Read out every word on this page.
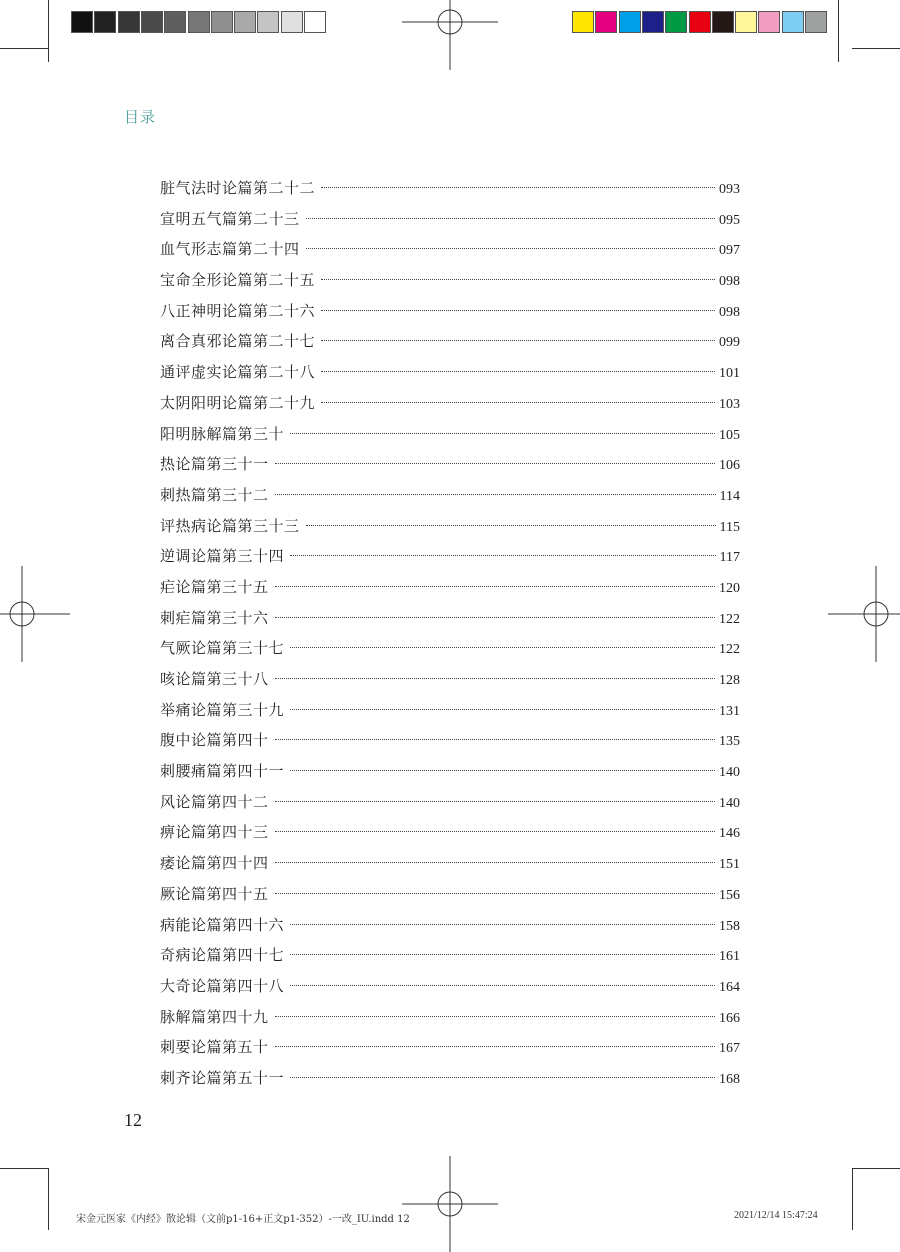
目录
脏气法时论篇第二十二	093
宣明五气篇第二十三	095
血气形志篇第二十四	097
宝命全形论篇第二十五	098
八正神明论篇第二十六	098
离合真邪论篇第二十七	099
通评虚实论篇第二十八	101
太阴阳明论篇第二十九	103
阳明脉解篇第三十	105
热论篇第三十一	106
刺热篇第三十二	114
评热病论篇第三十三	115
逆调论篇第三十四	117
疟论篇第三十五	120
刺疟篇第三十六	122
气厥论篇第三十七	122
咳论篇第三十八	128
举痛论篇第三十九	131
腹中论篇第四十	135
刺腰痛篇第四十一	140
风论篇第四十二	140
痹论篇第四十三	146
痿论篇第四十四	151
厥论篇第四十五	156
病能论篇第四十六	158
奇病论篇第四十七	161
大奇论篇第四十八	164
脉解篇第四十九	166
刺要论篇第五十	167
刺齐论篇第五十一	168
12
宋金元医家《内经》散论辑（文前p1-16+正文p1-352）-一改_IU.indd 12	2021/12/14 15:47:24
